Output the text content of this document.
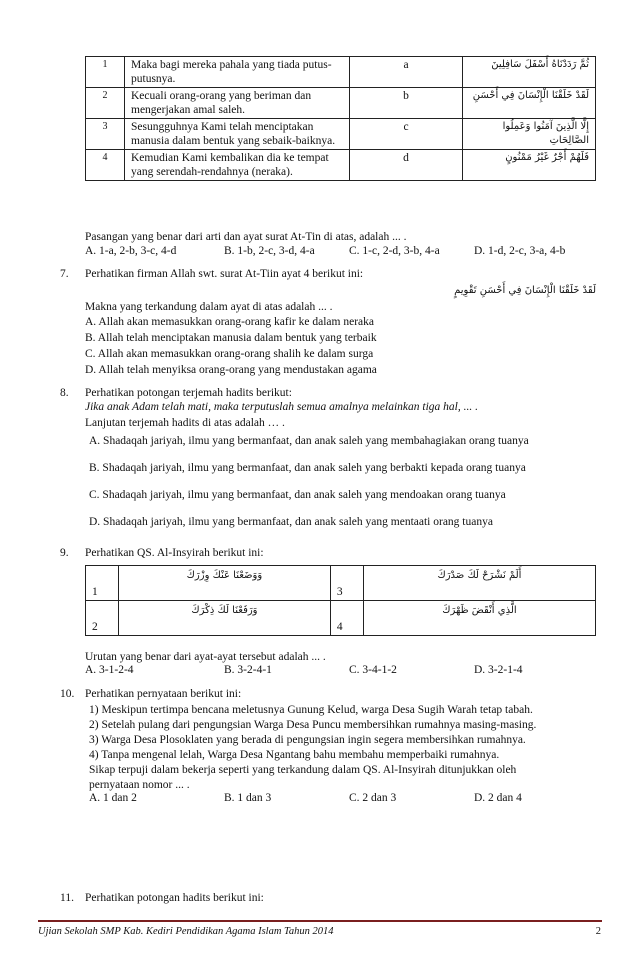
1	Maka bagi mereka pahala yang tiada putus-putusnya.	a	ثُمَّ رَدَدْنَاهُ أَسْفَلَ سَافِلِينَ
2	Kecuali orang-orang yang beriman dan mengerjakan amal saleh.	b	لَقَدْ خَلَقْنَا الْإِنْسَانَ فِي أَحْسَنِ
3	Sesungguhnya Kami telah menciptakan manusia dalam bentuk yang sebaik-baiknya.	c	إِلَّا الَّذِينَ آمَنُوا وَعَمِلُوا الصَّالِحَاتِ
4	Kemudian Kami kembalikan dia ke tempat yang serendah-rendahnya (neraka).	d	فَلَهُمْ أَجْرٌ غَيْرُ مَمْنُونٍ
Pasangan yang benar dari arti dan ayat surat At-Tin di atas, adalah ... .
A. 1-a, 2-b, 3-c, 4-d	B. 1-b, 2-c, 3-d, 4-a	C. 1-c, 2-d, 3-b, 4-a	D. 1-d, 2-c, 3-a, 4-b
7. Perhatikan firman Allah swt. surat At-Tiin ayat 4 berikut ini:
لَقَدْ خَلَقْنَا الْإِنْسَانَ فِي أَحْسَنِ تَقْوِيمٍ
Makna yang terkandung dalam ayat di atas adalah ... .
A. Allah akan memasukkan orang-orang kafir ke dalam neraka
B. Allah telah menciptakan manusia dalam bentuk yang terbaik
C. Allah akan memasukkan orang-orang shalih ke dalam surga
D. Allah telah menyiksa orang-orang yang mendustakan agama
8. Perhatikan potongan terjemah hadits berikut:
Jika anak Adam telah mati, maka terputuslah semua amalnya melainkan tiga hal, ... .
Lanjutan terjemah hadits di atas adalah … .
A. Shadaqah jariyah, ilmu yang bermanfaat, dan anak saleh yang membahagiakan orang tuanya
B. Shadaqah jariyah, ilmu yang bermanfaat, dan anak saleh yang berbakti kepada orang tuanya
C. Shadaqah jariyah, ilmu yang bermanfaat, dan anak saleh yang mendoakan orang tuanya
D. Shadaqah jariyah, ilmu yang bermanfaat, dan anak saleh yang mentaati orang tuanya
9. Perhatikan QS. Al-Insyirah berikut ini:
1	وَوَضَعْنَا عَنْكَ وِزْرَكَ	3	أَلَمْ نَشْرَحْ لَكَ صَدْرَكَ
2	وَرَفَعْنَا لَكَ ذِكْرَكَ	4	الَّذِي أَنْقَضَ ظَهْرَكَ
Urutan yang benar dari ayat-ayat tersebut adalah ... .
A. 3-1-2-4	B. 3-2-4-1	C. 3-4-1-2	D. 3-2-1-4
10. Perhatikan pernyataan berikut ini:
1) Meskipun tertimpa bencana meletusnya Gunung Kelud, warga Desa Sugih Warah tetap tabah.
2) Setelah pulang dari pengungsian Warga Desa Puncu membersihkan rumahnya masing-masing.
3) Warga Desa Plosoklaten yang berada di pengungsian ingin segera membersihkan rumahnya.
4) Tanpa mengenal lelah, Warga Desa Ngantang bahu membahu memperbaiki rumahnya.
Sikap terpuji dalam bekerja seperti yang terkandung dalam QS. Al-Insyirah ditunjukkan oleh
pernyataan nomor ... .
A. 1 dan 2	B. 1 dan 3	C. 2 dan 3	D. 2 dan 4
11. Perhatikan potongan hadits berikut ini:
Ujian Sekolah SMP Kab. Kediri Pendidikan Agama Islam Tahun 2014	2
